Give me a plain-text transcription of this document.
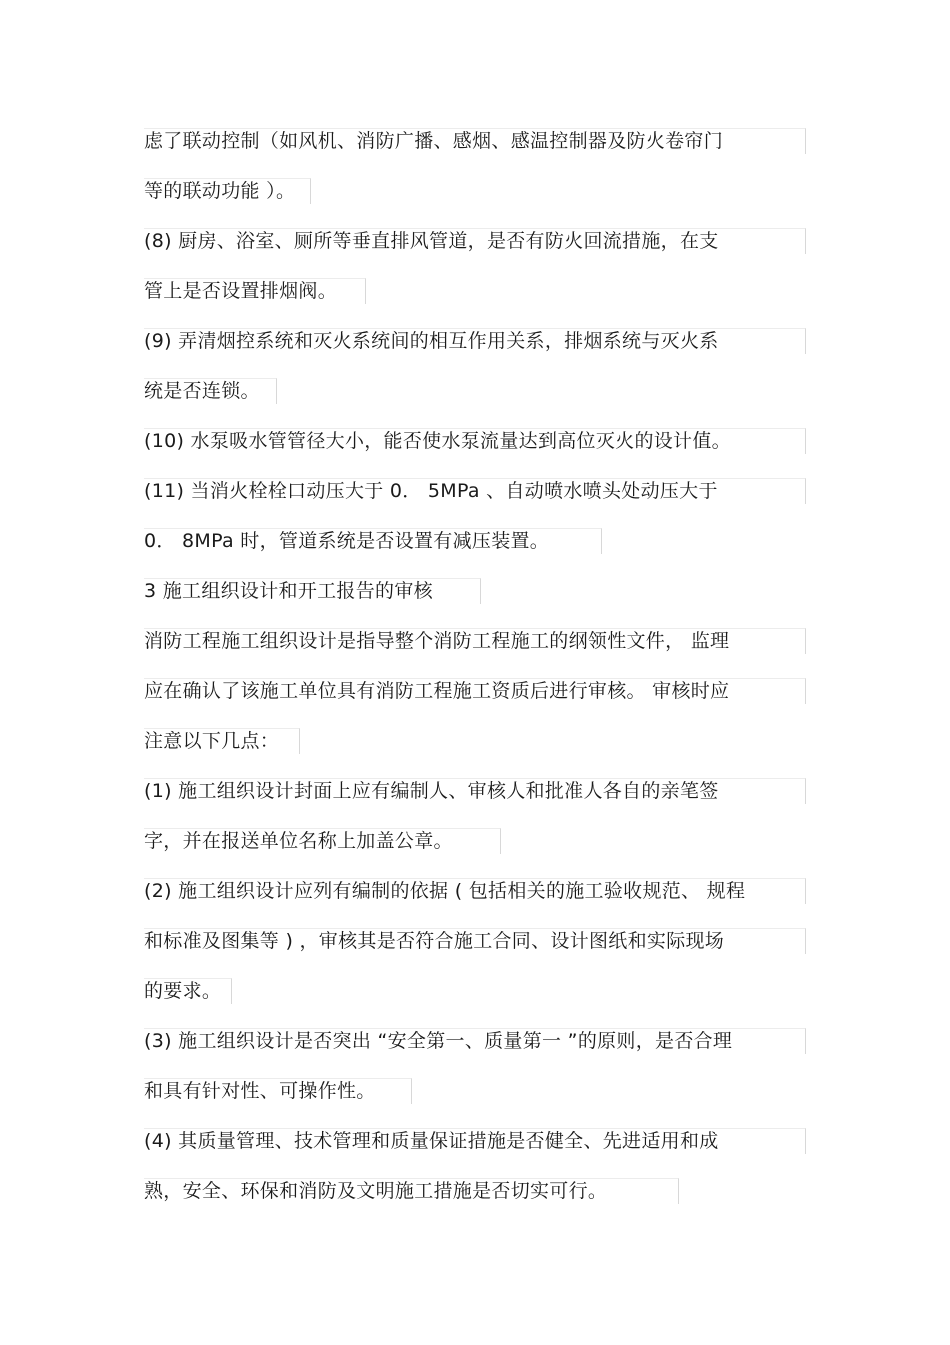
虑了联动控制（如风机、消防广播、感烟、感温控制器及防火卷帘门
等的联动功能 ）。
(8) 厨房、浴室、厕所等垂直排风管道，是否有防火回流措施，在支
管上是否设置排烟阀。
(9) 弄清烟控系统和灭火系统间的相互作用关系，排烟系统与灭火系
统是否连锁。
(10) 水泵吸水管管径大小，能否使水泵流量达到高位灭火的设计值。
(11) 当消火栓栓口动压大于 0． 5MPa 、自动喷水喷头处动压大于
0． 8MPa 时，管道系统是否设置有减压装置。
3 施工组织设计和开工报告的审核
消防工程施工组织设计是指导整个消防工程施工的纲领性文件， 监理
应在确认了该施工单位具有消防工程施工资质后进行审核。 审核时应
注意以下几点：
(1) 施工组织设计封面上应有编制人、审核人和批准人各自的亲笔签
字，并在报送单位名称上加盖公章。
(2) 施工组织设计应列有编制的依据 ( 包括相关的施工验收规范、 规程
和标准及图集等 ) ，审核其是否符合施工合同、设计图纸和实际现场
的要求。
(3) 施工组织设计是否突出 “安全第一、质量第一 ”的原则，是否合理
和具有针对性、可操作性。
(4) 其质量管理、技术管理和质量保证措施是否健全、先进适用和成
熟，安全、环保和消防及文明施工措施是否切实可行。
